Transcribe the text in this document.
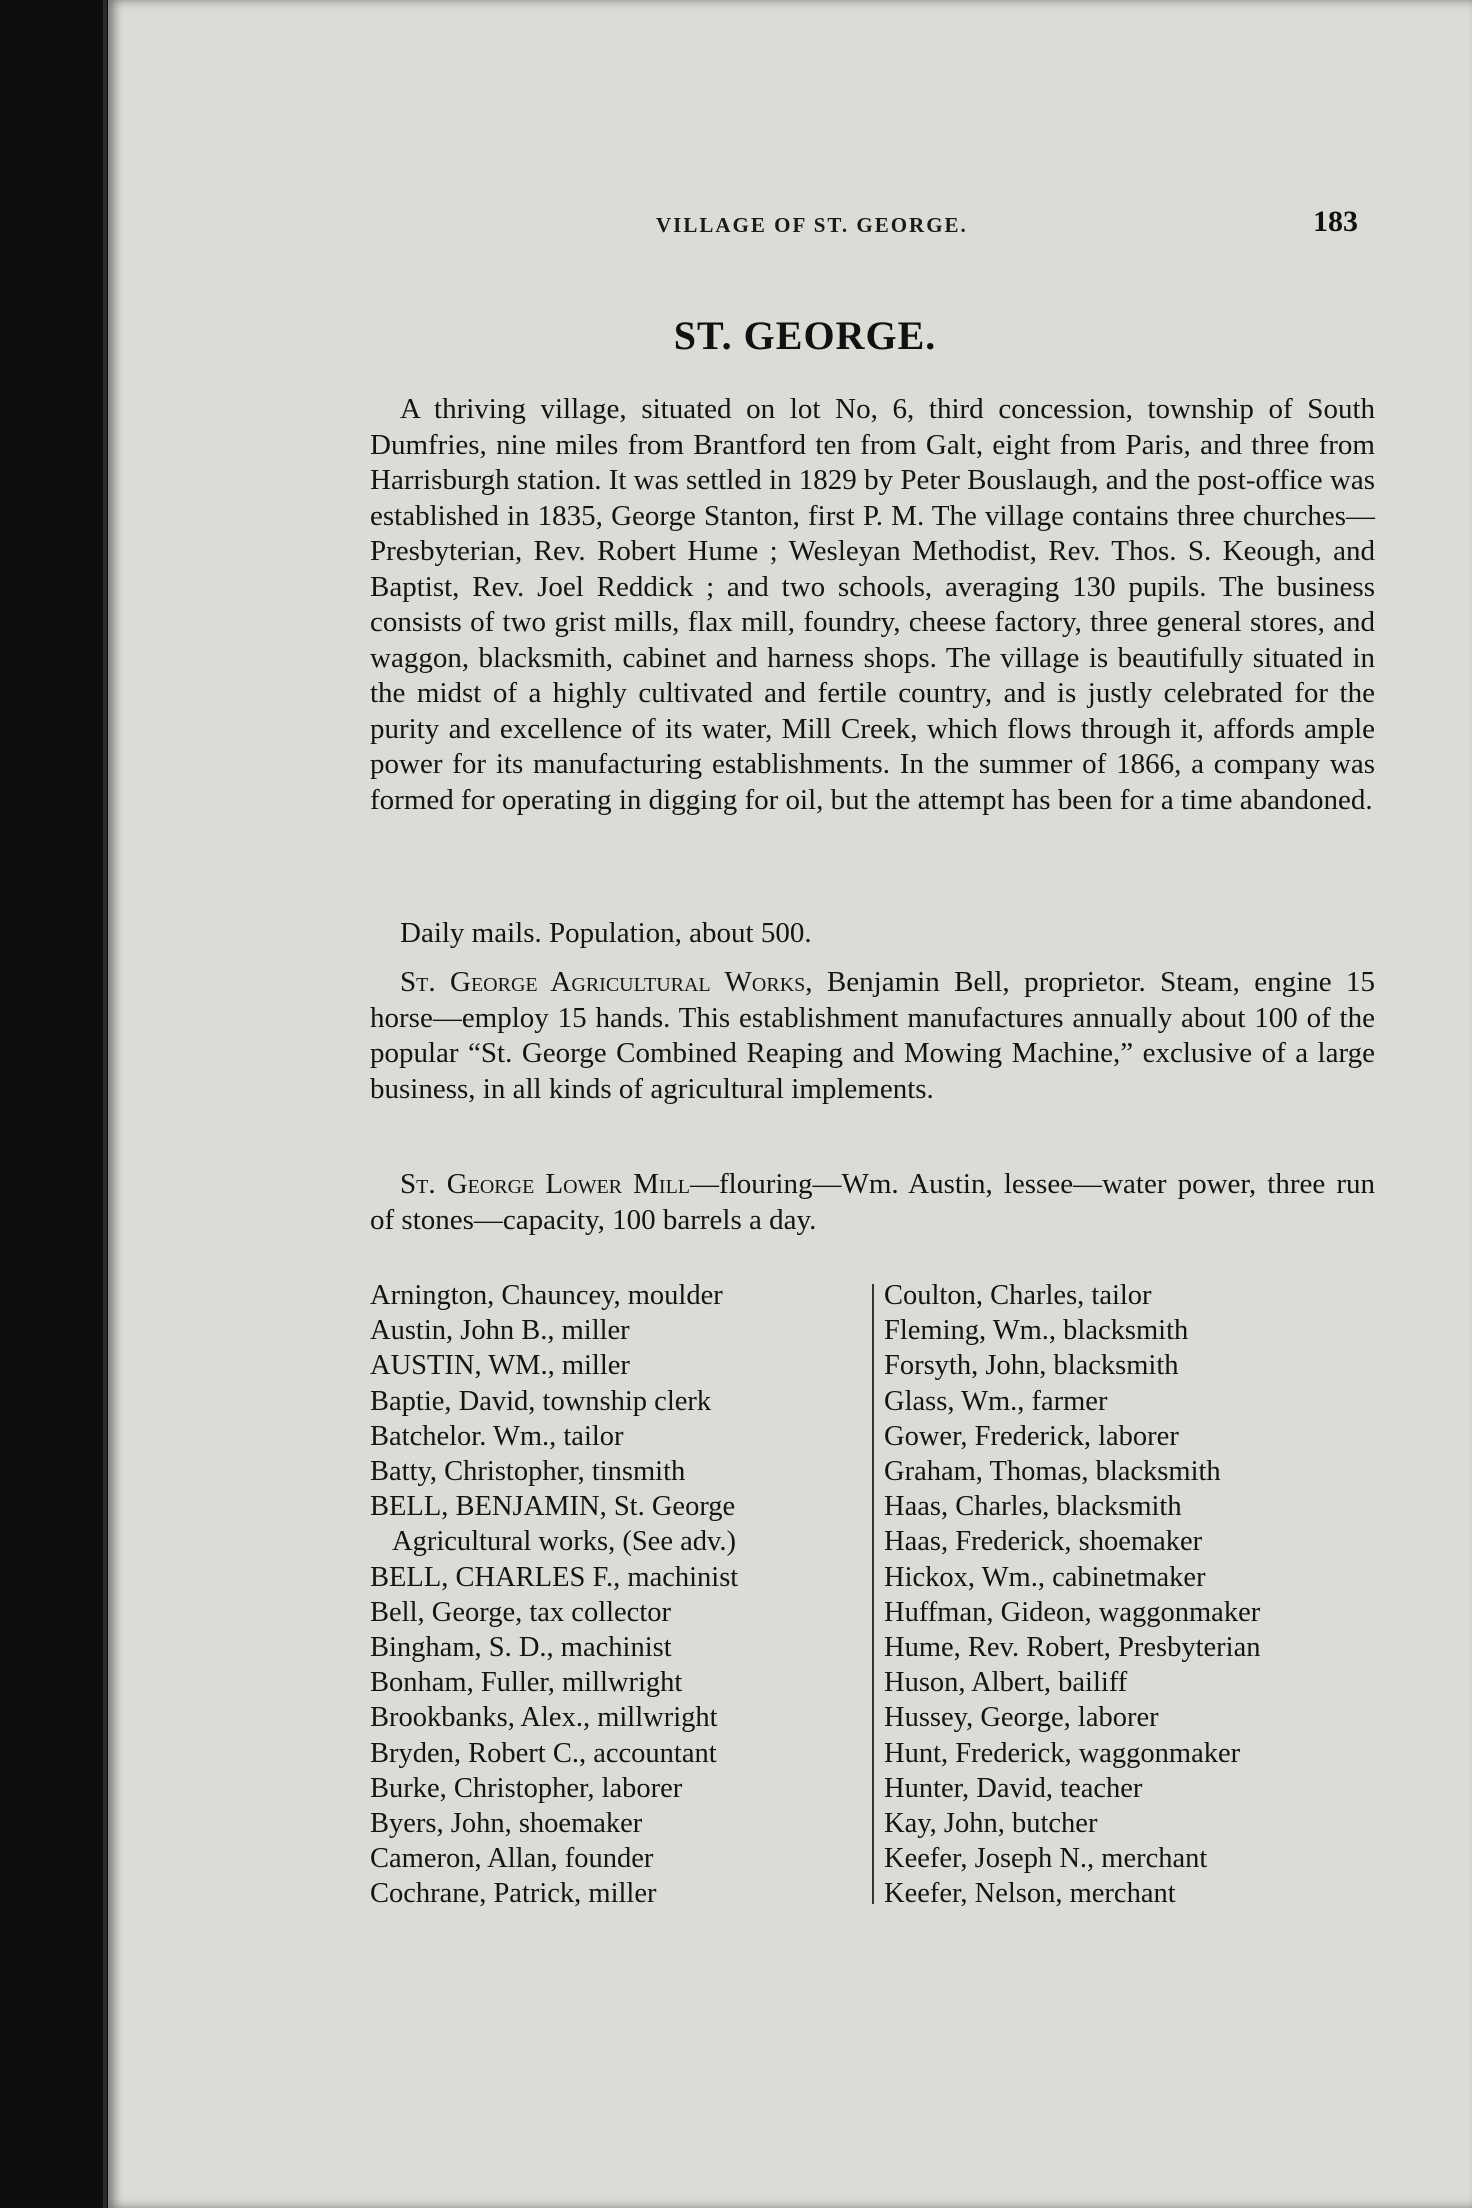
VILLAGE OF ST. GEORGE.	183
ST. GEORGE.

A thriving village, situated on lot No, 6, third concession, township of South Dumfries, nine miles from Brantford ten from Galt, eight from Paris, and three from Harrisburgh station. It was settled in 1829 by Peter Bouslaugh, and the post-office was established in 1835, George Stanton, first P. M. The village contains three churches—Presbyterian, Rev. Robert Hume ; Wesleyan Methodist, Rev. Thos. S. Keough, and Baptist, Rev. Joel Reddick ; and two schools, averaging 130 pupils. The business consists of two grist mills, flax mill, foundry, cheese factory, three general stores, and waggon, blacksmith, cabinet and harness shops. The village is beautifully situated in the midst of a highly cultivated and fertile country, and is justly celebrated for the purity and excellence of its water, Mill Creek, which flows through it, affords ample power for its manufacturing establishments. In the summer of 1866, a company was formed for operating in digging for oil, but the attempt has been for a time abandoned.

Daily mails. Population, about 500.

St. George Agricultural Works, Benjamin Bell, proprietor. Steam, engine 15 horse—employ 15 hands. This establishment manufactures annually about 100 of the popular “St. George Combined Reaping and Mowing Machine,” exclusive of a large business, in all kinds of agricultural implements.

St. George Lower Mill—flouring—Wm. Austin, lessee—water power, three run of stones—capacity, 100 barrels a day.

Arnington, Chauncey, moulder
Austin, John B., miller
AUSTIN, WM., miller
Baptie, David, township clerk
Batchelor. Wm., tailor
Batty, Christopher, tinsmith
BELL, BENJAMIN, St. George
Agricultural works, (See adv.)
BELL, CHARLES F., machinist
Bell, George, tax collector
Bingham, S. D., machinist
Bonham, Fuller, millwright
Brookbanks, Alex., millwright
Bryden, Robert C., accountant
Burke, Christopher, laborer
Byers, John, shoemaker
Cameron, Allan, founder
Cochrane, Patrick, miller
Coulton, Charles, tailor
Fleming, Wm., blacksmith
Forsyth, John, blacksmith
Glass, Wm., farmer
Gower, Frederick, laborer
Graham, Thomas, blacksmith
Haas, Charles, blacksmith
Haas, Frederick, shoemaker
Hickox, Wm., cabinetmaker
Huffman, Gideon, waggonmaker
Hume, Rev. Robert, Presbyterian
Huson, Albert, bailiff
Hussey, George, laborer
Hunt, Frederick, waggonmaker
Hunter, David, teacher
Kay, John, butcher
Keefer, Joseph N., merchant
Keefer, Nelson, merchant
